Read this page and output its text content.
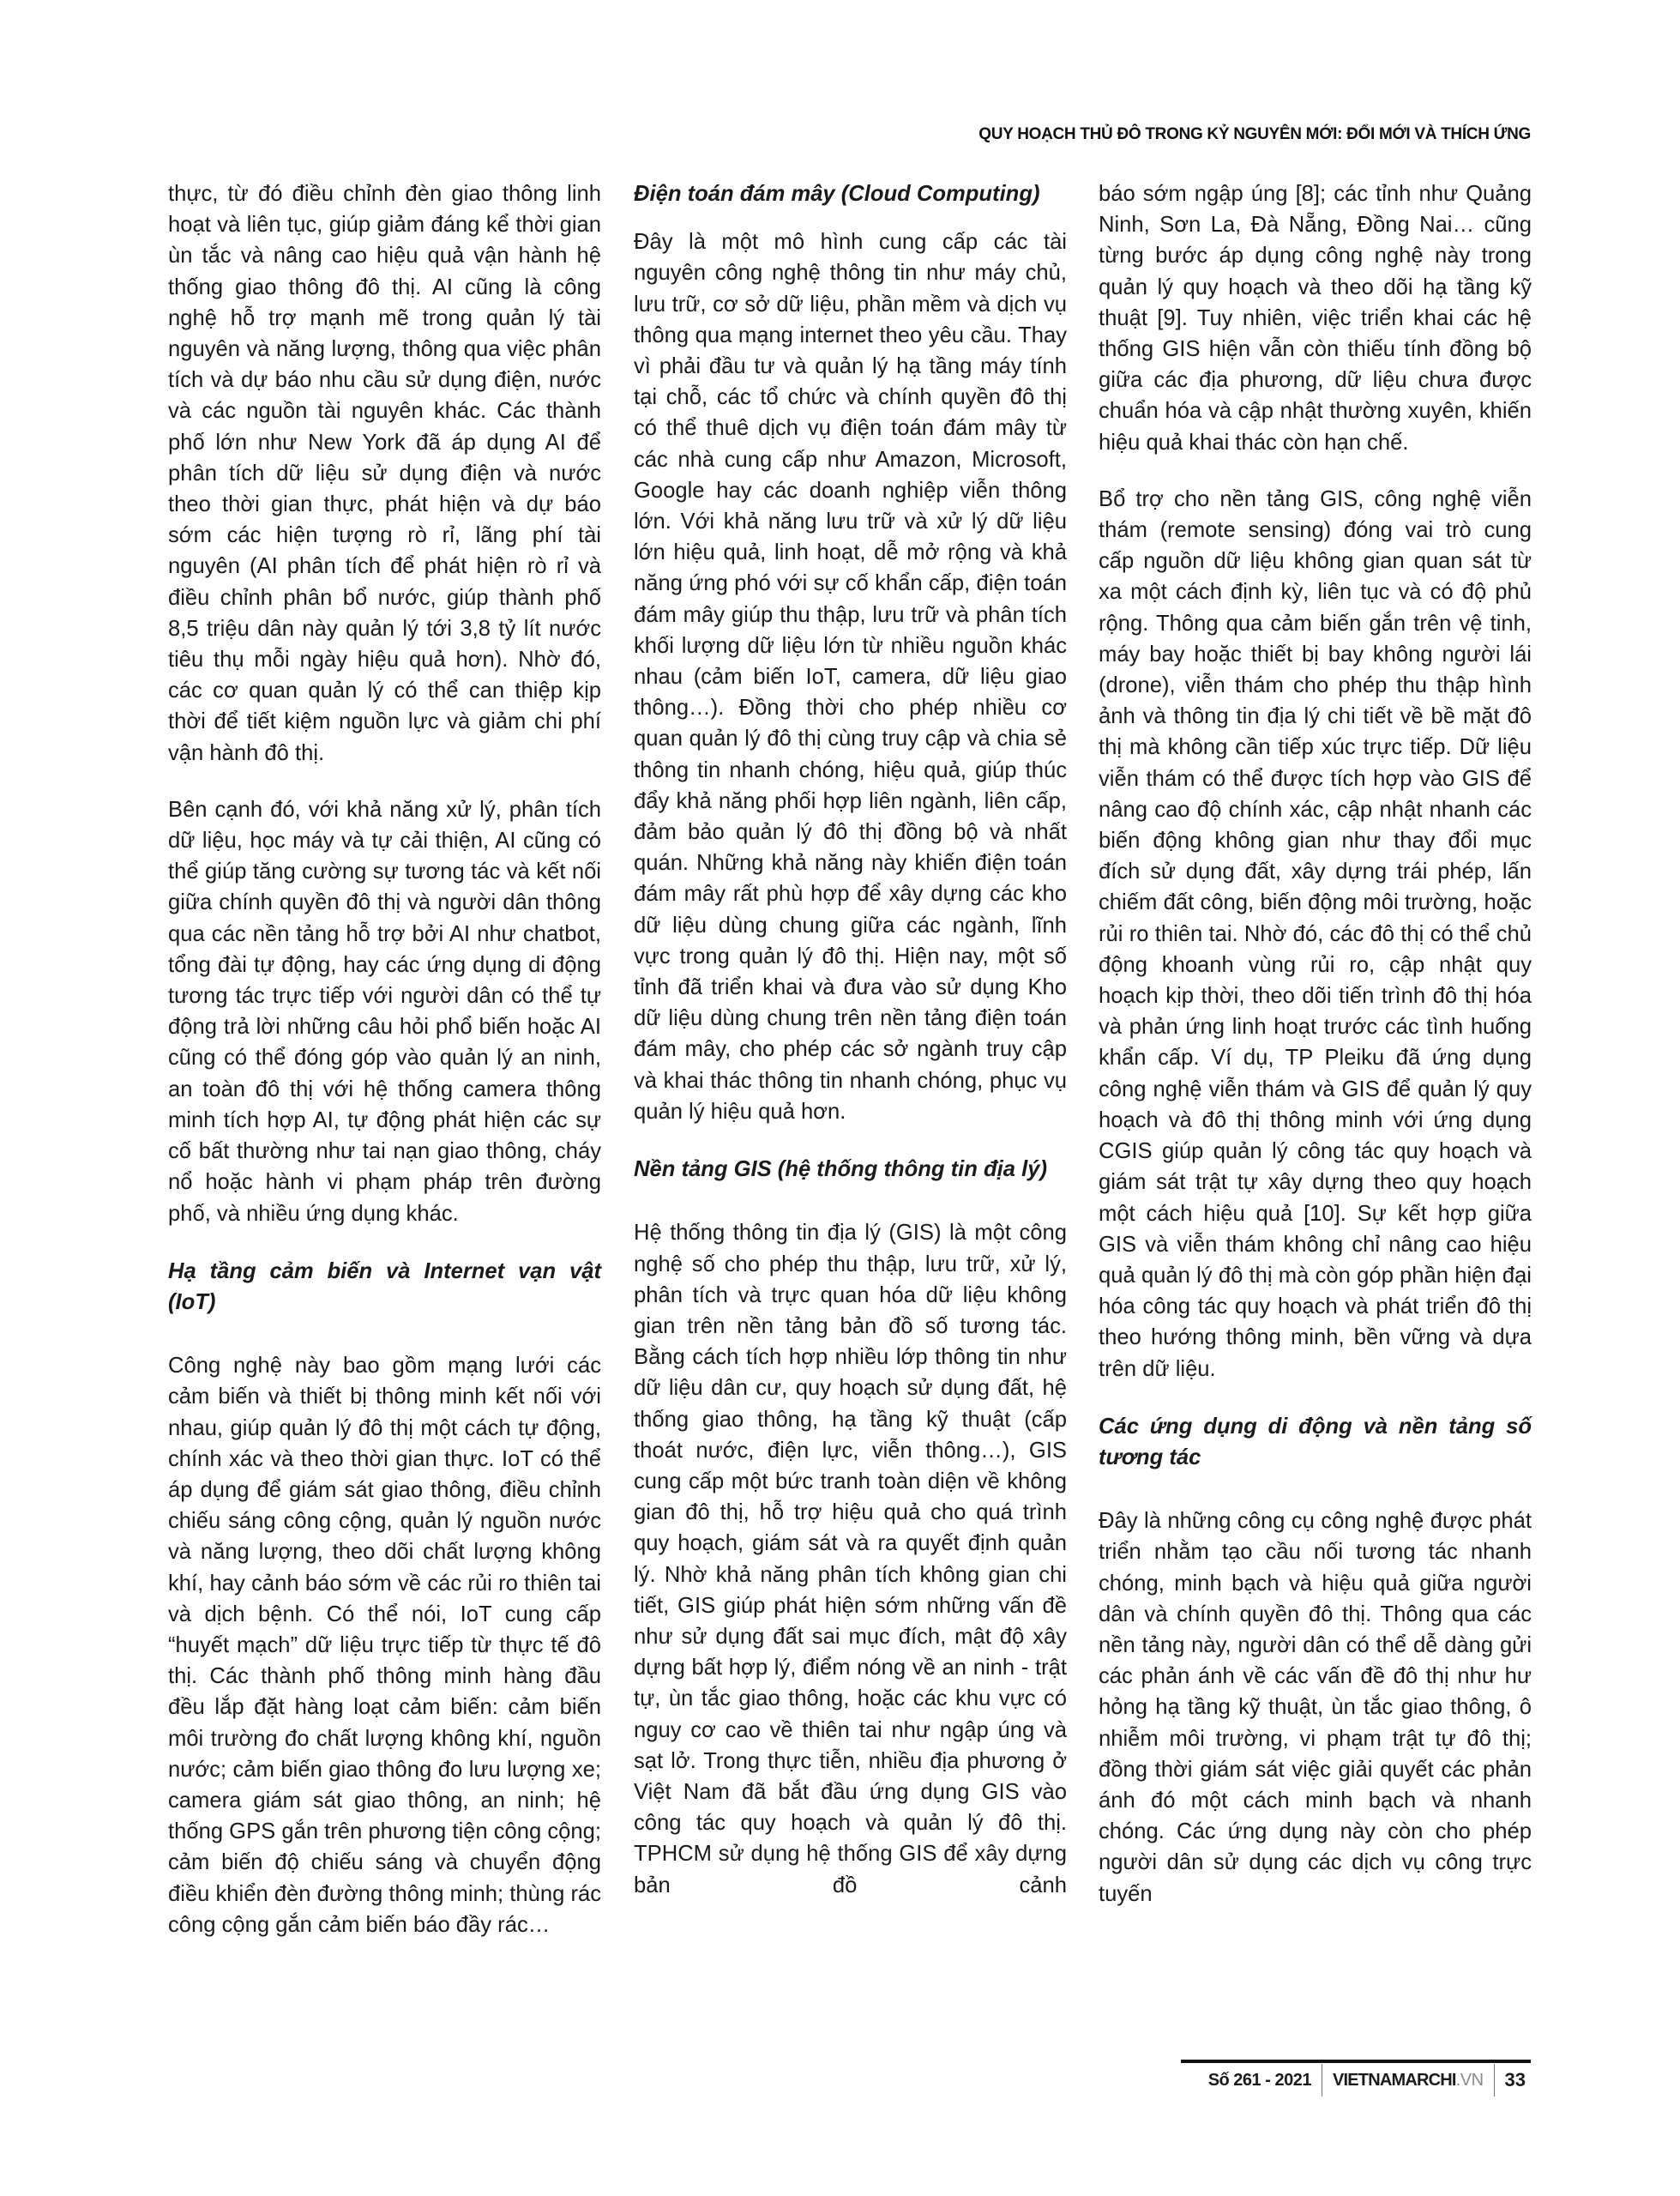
QUY HOẠCH THỦ ĐÔ TRONG KỶ NGUYÊN MỚI: ĐỔI MỚI VÀ THÍCH ỨNG

thực, từ đó điều chỉnh đèn giao thông linh hoạt và liên tục, giúp giảm đáng kể thời gian ùn tắc và nâng cao hiệu quả vận hành hệ thống giao thông đô thị. AI cũng là công nghệ hỗ trợ mạnh mẽ trong quản lý tài nguyên và năng lượng, thông qua việc phân tích và dự báo nhu cầu sử dụng điện, nước và các nguồn tài nguyên khác. Các thành phố lớn như New York đã áp dụng AI để phân tích dữ liệu sử dụng điện và nước theo thời gian thực, phát hiện và dự báo sớm các hiện tượng rò rỉ, lãng phí tài nguyên (AI phân tích để phát hiện rò rỉ và điều chỉnh phân bổ nước, giúp thành phố 8,5 triệu dân này quản lý tới 3,8 tỷ lít nước tiêu thụ mỗi ngày hiệu quả hơn). Nhờ đó, các cơ quan quản lý có thể can thiệp kịp thời để tiết kiệm nguồn lực và giảm chi phí vận hành đô thị.

Bên cạnh đó, với khả năng xử lý, phân tích dữ liệu, học máy và tự cải thiện, AI cũng có thể giúp tăng cường sự tương tác và kết nối giữa chính quyền đô thị và người dân thông qua các nền tảng hỗ trợ bởi AI như chatbot, tổng đài tự động, hay các ứng dụng di động tương tác trực tiếp với người dân có thể tự động trả lời những câu hỏi phổ biến hoặc AI cũng có thể đóng góp vào quản lý an ninh, an toàn đô thị với hệ thống camera thông minh tích hợp AI, tự động phát hiện các sự cố bất thường như tai nạn giao thông, cháy nổ hoặc hành vi phạm pháp trên đường phố, và nhiều ứng dụng khác.

Hạ tầng cảm biến và Internet vạn vật (IoT)

Công nghệ này bao gồm mạng lưới các cảm biến và thiết bị thông minh kết nối với nhau, giúp quản lý đô thị một cách tự động, chính xác và theo thời gian thực. IoT có thể áp dụng để giám sát giao thông, điều chỉnh chiếu sáng công cộng, quản lý nguồn nước và năng lượng, theo dõi chất lượng không khí, hay cảnh báo sớm về các rủi ro thiên tai và dịch bệnh. Có thể nói, IoT cung cấp “huyết mạch” dữ liệu trực tiếp từ thực tế đô thị. Các thành phố thông minh hàng đầu đều lắp đặt hàng loạt cảm biến: cảm biến môi trường đo chất lượng không khí, nguồn nước; cảm biến giao thông đo lưu lượng xe; camera giám sát giao thông, an ninh; hệ thống GPS gắn trên phương tiện công cộng; cảm biến độ chiếu sáng và chuyển động điều khiển đèn đường thông minh; thùng rác công cộng gắn cảm biến báo đầy rác…

Điện toán đám mây (Cloud Computing)

Đây là một mô hình cung cấp các tài nguyên công nghệ thông tin như máy chủ, lưu trữ, cơ sở dữ liệu, phần mềm và dịch vụ thông qua mạng internet theo yêu cầu. Thay vì phải đầu tư và quản lý hạ tầng máy tính tại chỗ, các tổ chức và chính quyền đô thị có thể thuê dịch vụ điện toán đám mây từ các nhà cung cấp như Amazon, Microsoft, Google hay các doanh nghiệp viễn thông lớn. Với khả năng lưu trữ và xử lý dữ liệu lớn hiệu quả, linh hoạt, dễ mở rộng và khả năng ứng phó với sự cố khẩn cấp, điện toán đám mây giúp thu thập, lưu trữ và phân tích khối lượng dữ liệu lớn từ nhiều nguồn khác nhau (cảm biến IoT, camera, dữ liệu giao thông…). Đồng thời cho phép nhiều cơ quan quản lý đô thị cùng truy cập và chia sẻ thông tin nhanh chóng, hiệu quả, giúp thúc đẩy khả năng phối hợp liên ngành, liên cấp, đảm bảo quản lý đô thị đồng bộ và nhất quán. Những khả năng này khiến điện toán đám mây rất phù hợp để xây dựng các kho dữ liệu dùng chung giữa các ngành, lĩnh vực trong quản lý đô thị. Hiện nay, một số tỉnh đã triển khai và đưa vào sử dụng Kho dữ liệu dùng chung trên nền tảng điện toán đám mây, cho phép các sở ngành truy cập và khai thác thông tin nhanh chóng, phục vụ quản lý hiệu quả hơn.

Nền tảng GIS (hệ thống thông tin địa lý)

Hệ thống thông tin địa lý (GIS) là một công nghệ số cho phép thu thập, lưu trữ, xử lý, phân tích và trực quan hóa dữ liệu không gian trên nền tảng bản đồ số tương tác. Bằng cách tích hợp nhiều lớp thông tin như dữ liệu dân cư, quy hoạch sử dụng đất, hệ thống giao thông, hạ tầng kỹ thuật (cấp thoát nước, điện lực, viễn thông…), GIS cung cấp một bức tranh toàn diện về không gian đô thị, hỗ trợ hiệu quả cho quá trình quy hoạch, giám sát và ra quyết định quản lý. Nhờ khả năng phân tích không gian chi tiết, GIS giúp phát hiện sớm những vấn đề như sử dụng đất sai mục đích, mật độ xây dựng bất hợp lý, điểm nóng về an ninh - trật tự, ùn tắc giao thông, hoặc các khu vực có nguy cơ cao về thiên tai như ngập úng và sạt lở. Trong thực tiễn, nhiều địa phương ở Việt Nam đã bắt đầu ứng dụng GIS vào công tác quy hoạch và quản lý đô thị. TPHCM sử dụng hệ thống GIS để xây dựng bản đồ cảnh

báo sớm ngập úng [8]; các tỉnh như Quảng Ninh, Sơn La, Đà Nẵng, Đồng Nai… cũng từng bước áp dụng công nghệ này trong quản lý quy hoạch và theo dõi hạ tầng kỹ thuật [9]. Tuy nhiên, việc triển khai các hệ thống GIS hiện vẫn còn thiếu tính đồng bộ giữa các địa phương, dữ liệu chưa được chuẩn hóa và cập nhật thường xuyên, khiến hiệu quả khai thác còn hạn chế.

Bổ trợ cho nền tảng GIS, công nghệ viễn thám (remote sensing) đóng vai trò cung cấp nguồn dữ liệu không gian quan sát từ xa một cách định kỳ, liên tục và có độ phủ rộng. Thông qua cảm biến gắn trên vệ tinh, máy bay hoặc thiết bị bay không người lái (drone), viễn thám cho phép thu thập hình ảnh và thông tin địa lý chi tiết về bề mặt đô thị mà không cần tiếp xúc trực tiếp. Dữ liệu viễn thám có thể được tích hợp vào GIS để nâng cao độ chính xác, cập nhật nhanh các biến động không gian như thay đổi mục đích sử dụng đất, xây dựng trái phép, lấn chiếm đất công, biến động môi trường, hoặc rủi ro thiên tai. Nhờ đó, các đô thị có thể chủ động khoanh vùng rủi ro, cập nhật quy hoạch kịp thời, theo dõi tiến trình đô thị hóa và phản ứng linh hoạt trước các tình huống khẩn cấp. Ví dụ, TP Pleiku đã ứng dụng công nghệ viễn thám và GIS để quản lý quy hoạch và đô thị thông minh với ứng dụng CGIS giúp quản lý công tác quy hoạch và giám sát trật tự xây dựng theo quy hoạch một cách hiệu quả [10]. Sự kết hợp giữa GIS và viễn thám không chỉ nâng cao hiệu quả quản lý đô thị mà còn góp phần hiện đại hóa công tác quy hoạch và phát triển đô thị theo hướng thông minh, bền vững và dựa trên dữ liệu.

Các ứng dụng di động và nền tảng số tương tác

Đây là những công cụ công nghệ được phát triển nhằm tạo cầu nối tương tác nhanh chóng, minh bạch và hiệu quả giữa người dân và chính quyền đô thị. Thông qua các nền tảng này, người dân có thể dễ dàng gửi các phản ánh về các vấn đề đô thị như hư hỏng hạ tầng kỹ thuật, ùn tắc giao thông, ô nhiễm môi trường, vi phạm trật tự đô thị; đồng thời giám sát việc giải quyết các phản ánh đó một cách minh bạch và nhanh chóng. Các ứng dụng này còn cho phép người dân sử dụng các dịch vụ công trực tuyến

Số 261 - 2021	VIETNAMARCHI .VN	33
